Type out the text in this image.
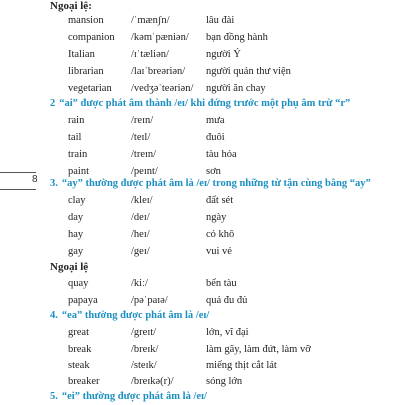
Ngoại lệ:
mansion	/ˈmænʃn/	lâu đài
companion /kəmˈpæniən/ bạn đồng hành
Italian	/ɪˈtæliən/	người Ý
librarian	/laɪˈbreəriən/ người quản thư viện
vegetarian /vedʒəˈteəriən/ người ăn chay
2 “ai” được phát âm thành /eɪ/ khi đứng trước một phụ âm trừ “r”
rain	/reɪn/	mưa
tail	/teɪl/	đuôi
train	/treɪn/	tàu hỏa
paint	/peɪnt/	sơn
8 3. “ay” thường được phát âm là /eɪ/ trong những từ tận cùng bằng “ay”
clay	/kleɪ/	đất sét
day	/deɪ/	ngày
hay	/heɪ/	cỏ khô
gay	/geɪ/	vui vẻ
Ngoại lệ
quay	/kiː/	bến tàu
papaya	/pəˈpaɪə/	quả đu đủ
4. “ea” thường được phát âm là /eɪ/
great	/greɪt/	lớn, vĩ đại
break	/breɪk/	làm gãy, làm đứt, làm vỡ
steak	/steɪk/	miếng thịt cắt lát
breaker	/breɪkə(r)/	sóng lớn
5. “ei” thường được phát âm là /eɪ/
